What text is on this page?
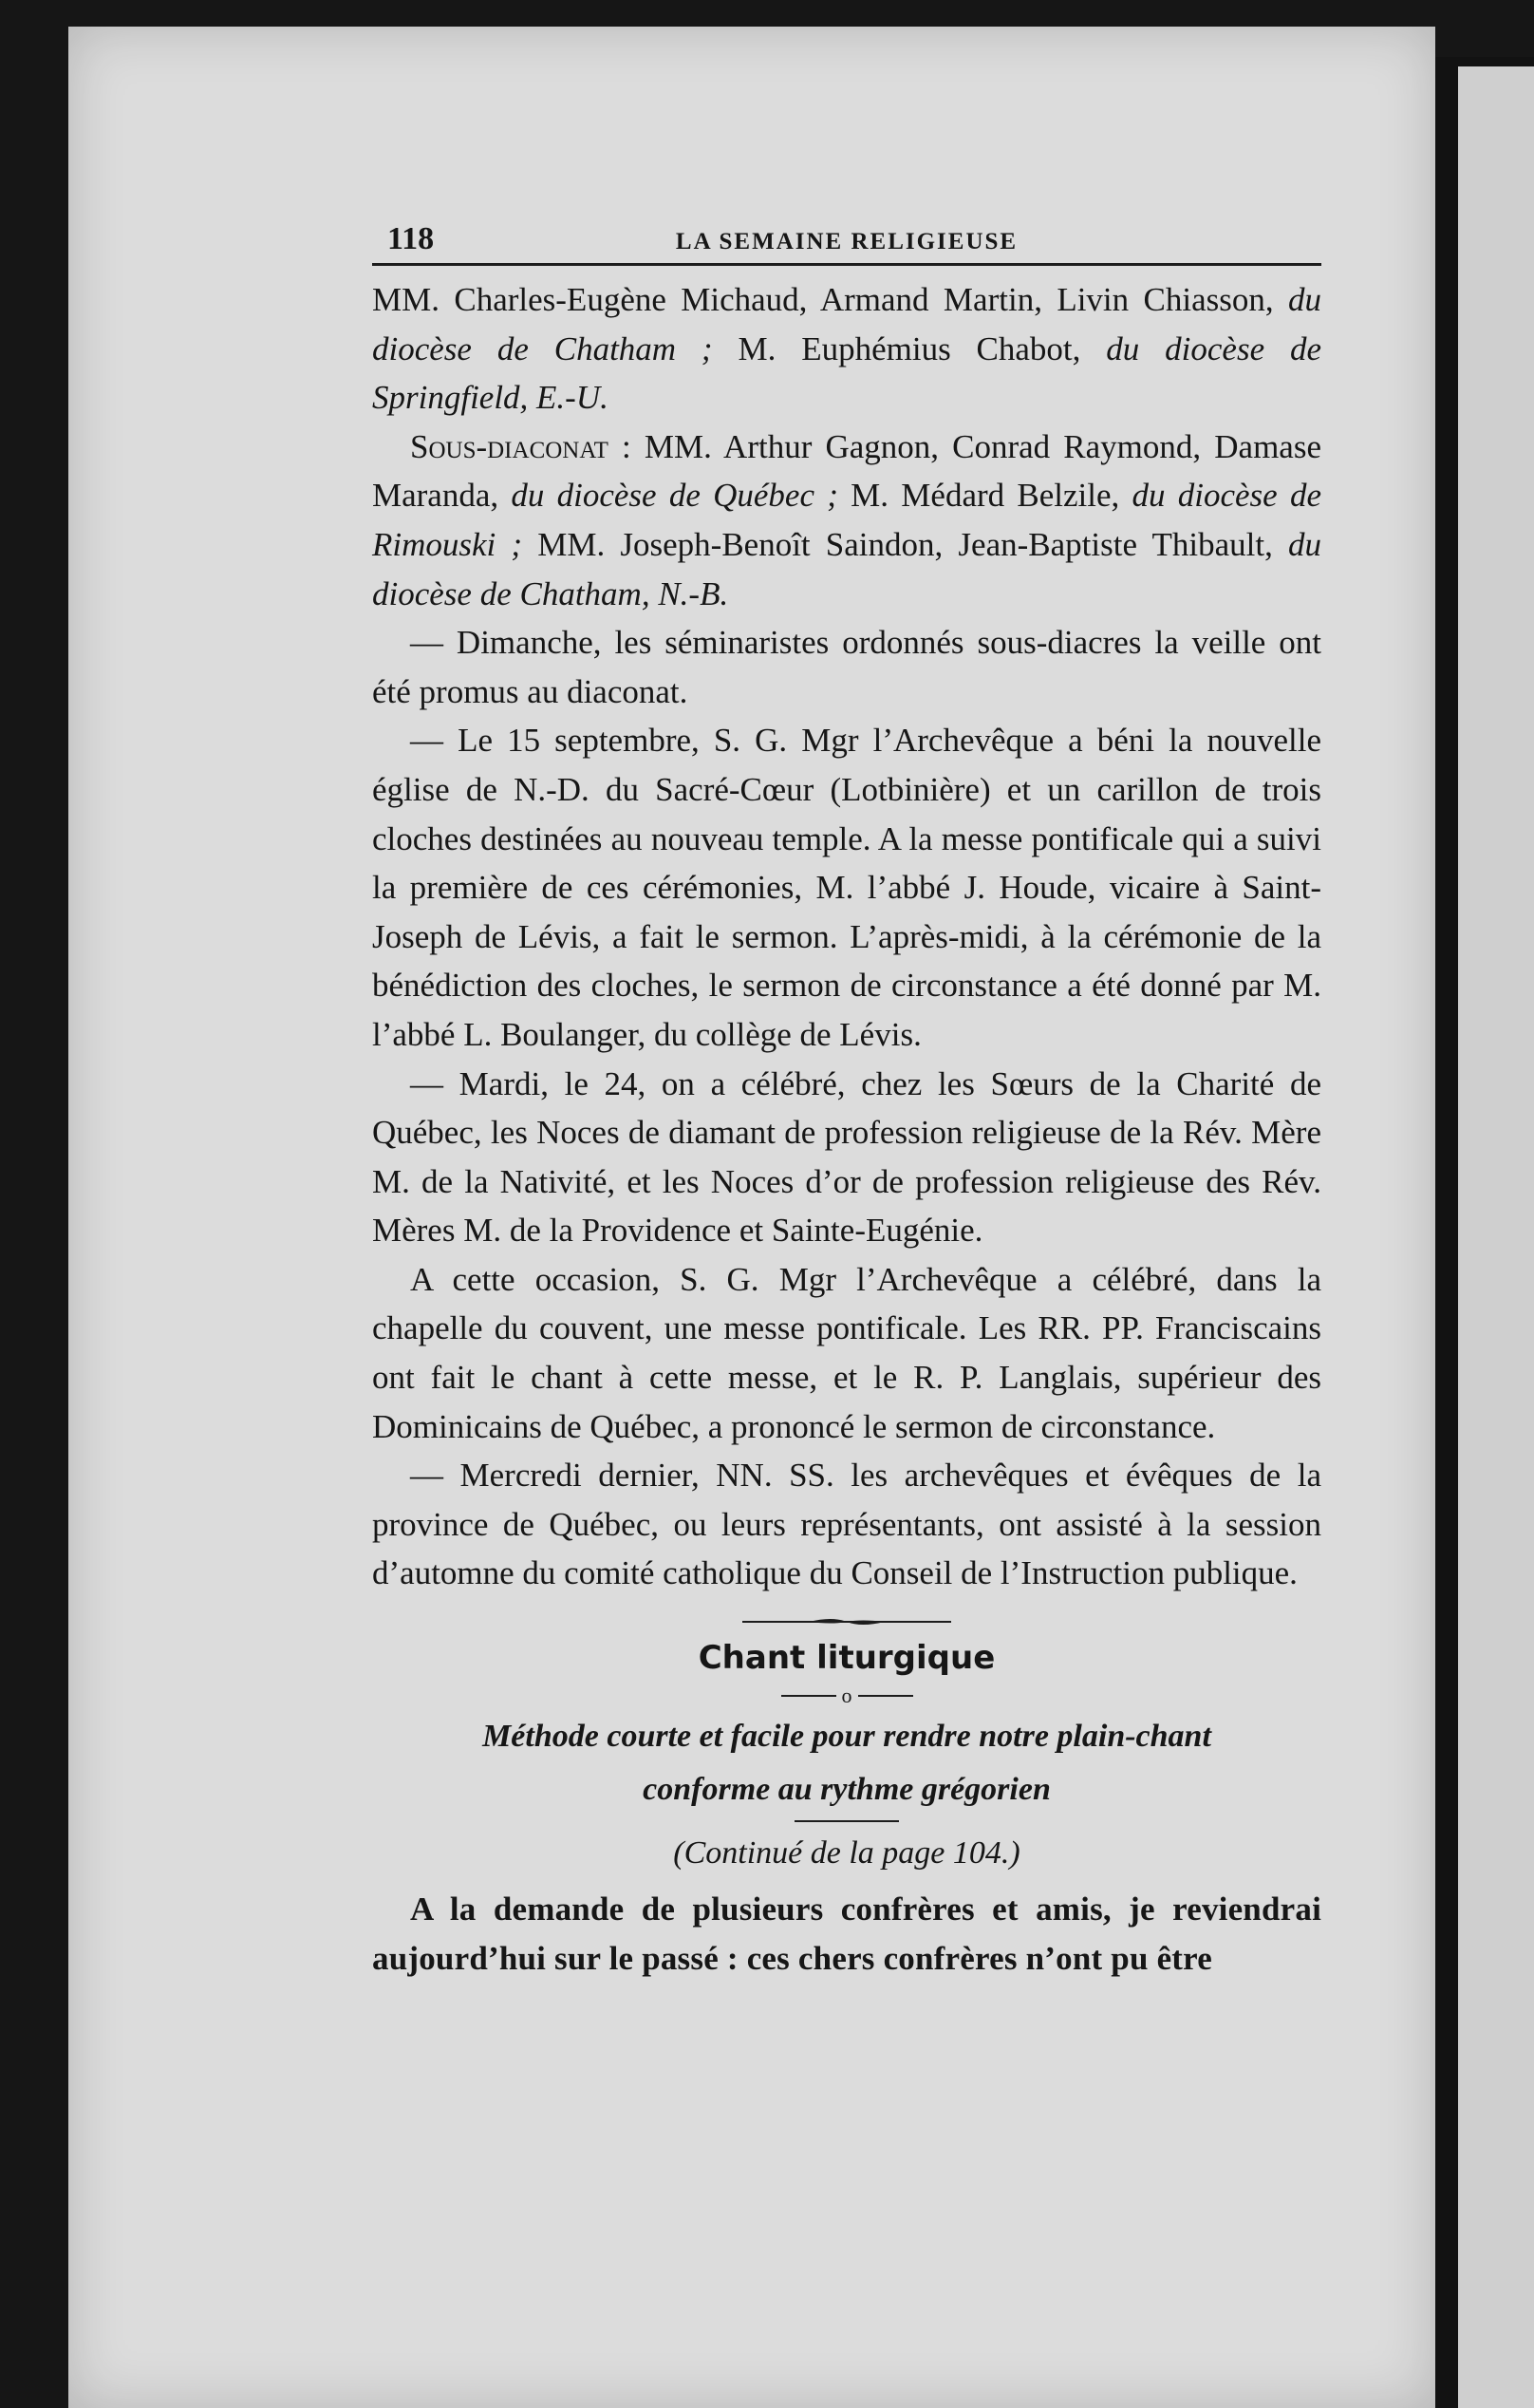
118	LA SEMAINE RELIGIEUSE

MM. Charles-Eugène Michaud, Armand Martin, Livin Chiasson, du diocèse de Chatham ; M. Euphémius Chabot, du diocèse de Springfield, E.-U.

Sous-diaconat : MM. Arthur Gagnon, Conrad Raymond, Damase Maranda, du diocèse de Québec ; M. Médard Belzile, du diocèse de Rimouski ; MM. Joseph-Benoît Saindon, Jean-Baptiste Thibault, du diocèse de Chatham, N.-B.

— Dimanche, les séminaristes ordonnés sous-diacres la veille ont été promus au diaconat.

— Le 15 septembre, S. G. Mgr l’Archevêque a béni la nouvelle église de N.-D. du Sacré-Cœur (Lotbinière) et un carillon de trois cloches destinées au nouveau temple. A la messe pontificale qui a suivi la première de ces cérémonies, M. l’abbé J. Houde, vicaire à Saint-Joseph de Lévis, a fait le sermon. L’après-midi, à la cérémonie de la bénédiction des cloches, le sermon de circonstance a été donné par M. l’abbé L. Boulanger, du collège de Lévis.

— Mardi, le 24, on a célébré, chez les Sœurs de la Charité de Québec, les Noces de diamant de profession religieuse de la Rév. Mère M. de la Nativité, et les Noces d’or de profession religieuse des Rév. Mères M. de la Providence et Sainte-Eugénie.

A cette occasion, S. G. Mgr l’Archevêque a célébré, dans la chapelle du couvent, une messe pontificale. Les RR. PP. Franciscains ont fait le chant à cette messe, et le R. P. Langlais, supérieur des Dominicains de Québec, a prononcé le sermon de circonstance.

— Mercredi dernier, NN. SS. les archevêques et évêques de la province de Québec, ou leurs représentants, ont assisté à la session d’automne du comité catholique du Conseil de l’Instruction publique.

Chant liturgique

o

Méthode courte et facile pour rendre notre plain-chant

conforme au rythme grégorien

(Continué de la page 104.)

A la demande de plusieurs confrères et amis, je reviendrai aujourd’hui sur le passé : ces chers confrères n’ont pu être
